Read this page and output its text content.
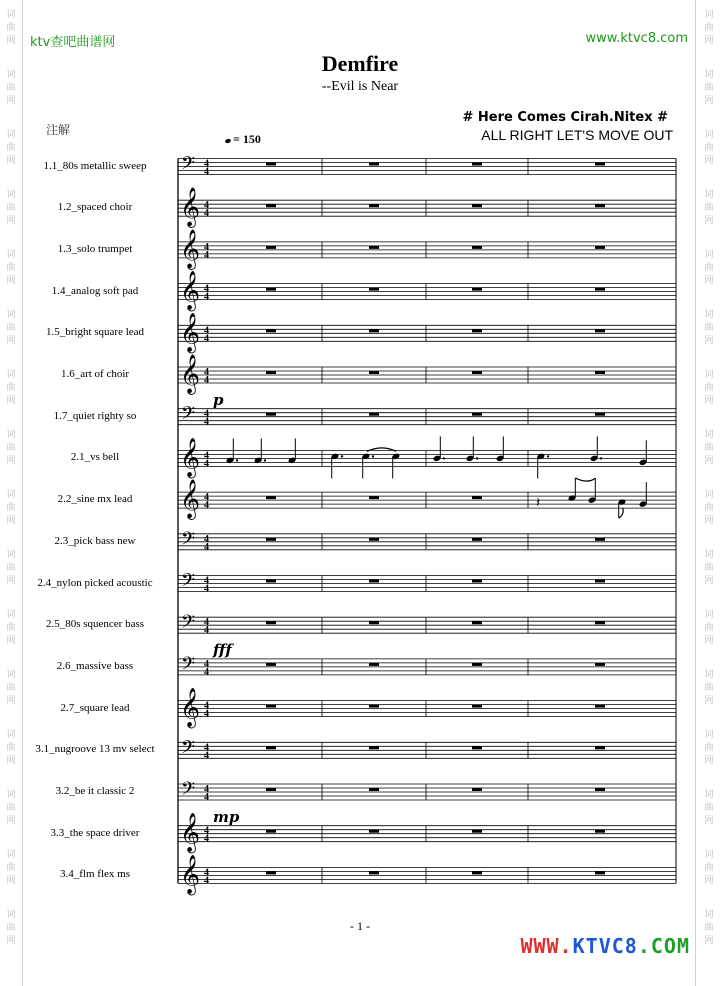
词
曲
网
词
曲
网
词
曲
网
词
曲
网
词
曲
网
词
曲
网
词
曲
网
词
曲
网
词
曲
网
词
曲
网
词
曲
网
词
曲
网
词
曲
网
词
曲
网
词
曲
网
词
曲
网
词
曲
网
词
曲
网
词
曲
网
词
曲
网
词
曲
网
词
曲
网
词
曲
网
词
曲
网
词
曲
网
词
曲
网
词
曲
网
词
曲
网
词
曲
网
词
曲
网
词
曲
网
词
曲
网
ktv查吧曲谱网	www.ktvc8.com
Demfire
--Evil is Near
# Here Comes Cirah.Nitex #
ALL RIGHT LET'S MOVE OUT
注解
= 150
𝄢 4
4
𝄞 4
4
𝄞 4
4
𝄞 4
4
𝄞 4
4
𝄞 4
4
𝄢 4
4
𝄞 4
4
𝄞 4
4
𝄢 4
4
𝄢 4
4
𝄢 4
4
𝄢 4
4
𝄞 4
4
𝄢 4
4
𝄢 4
4
𝄞 4
4
𝄞 4
4
𝄽
1.1_80s metallic sweep
1.2_spaced choir
1.3_solo trumpet
1.4_analog soft pad
1.5_bright square lead
1.6_art of choir
1.7_quiet righty so
2.1_vs bell
2.2_sine mx lead
2.3_pick bass new
2.4_nylon picked acoustic
2.5_80s squencer bass
2.6_massive bass
2.7_square lead
3.1_nugroove 13 mv select
3.2_be it classic 2
3.3_the space driver
3.4_flm flex ms
p
fff
mp
- 1 -
WWW.KTVC8.COM
